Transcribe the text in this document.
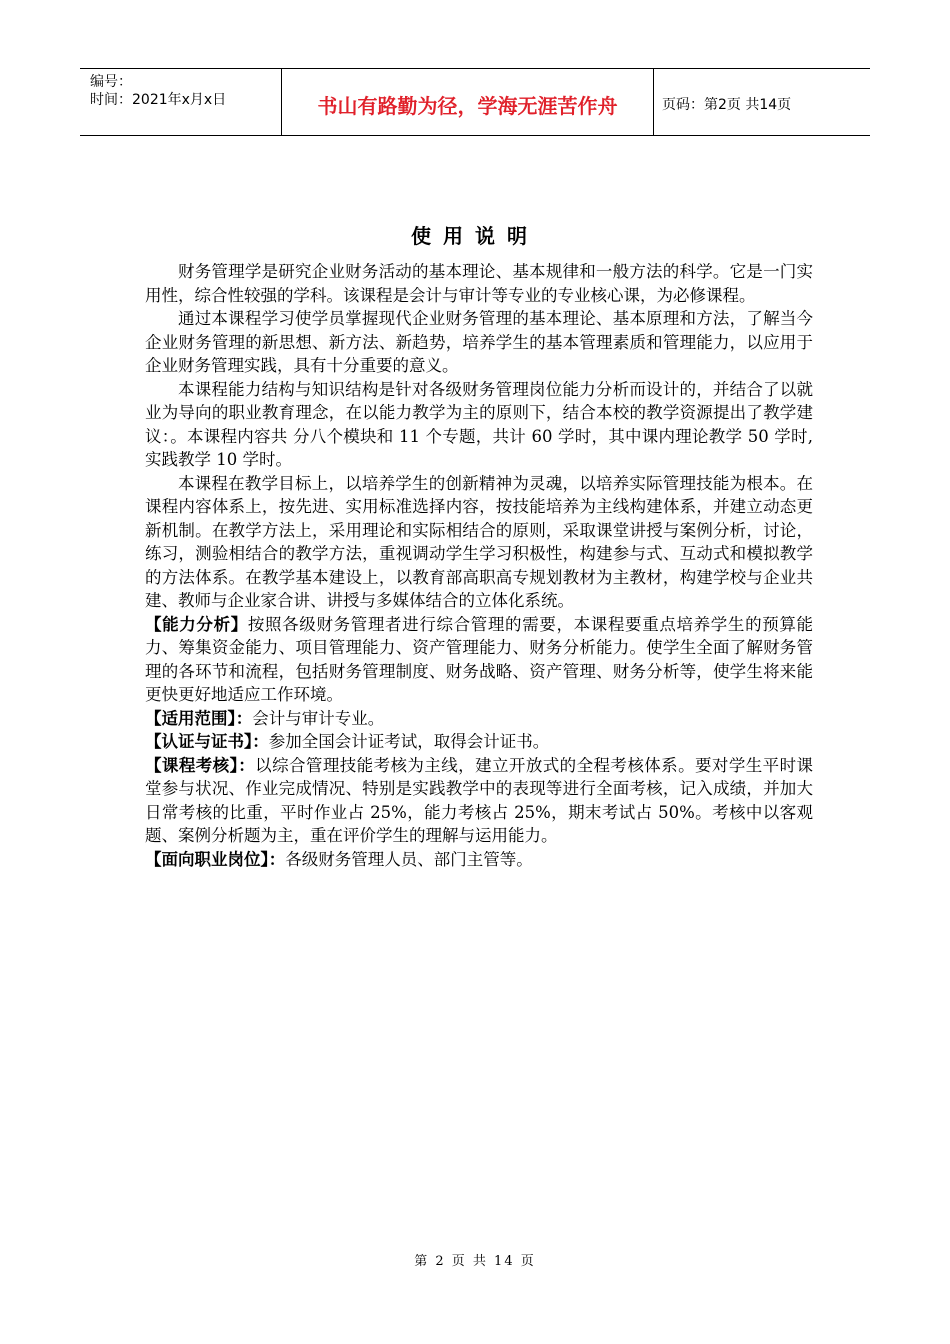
编号：
时间：2021年x月x日	书山有路勤为径，学海无涯苦作舟	页码：第2页 共14页
使用说明

财务管理学是研究企业财务活动的基本理论、基本规律和一般方法的科学。它是一门实用性，综合性较强的学科。该课程是会计与审计等专业的专业核心课，为必修课程。

通过本课程学习使学员掌握现代企业财务管理的基本理论、基本原理和方法，了解当今企业财务管理的新思想、新方法、新趋势，培养学生的基本管理素质和管理能力，以应用于企业财务管理实践，具有十分重要的意义。

本课程能力结构与知识结构是针对各级财务管理岗位能力分析而设计的，并结合了以就业为导向的职业教育理念，在以能力教学为主的原则下，结合本校的教学资源提出了教学建议：。本课程内容共 分八个模块和 11 个专题，共计 60 学时，其中课内理论教学 50 学时, 实践教学 10 学时。

本课程在教学目标上，以培养学生的创新精神为灵魂，以培养实际管理技能为根本。在课程内容体系上，按先进、实用标准选择内容，按技能培养为主线构建体系，并建立动态更新机制。在教学方法上，采用理论和实际相结合的原则，采取课堂讲授与案例分析，讨论，练习，测验相结合的教学方法，重视调动学生学习积极性，构建参与式、互动式和模拟教学的方法体系。在教学基本建设上，以教育部高职高专规划教材为主教材，构建学校与企业共建、教师与企业家合讲、讲授与多媒体结合的立体化系统。

【能力分析】按照各级财务管理者进行综合管理的需要，本课程要重点培养学生的预算能力、筹集资金能力、项目管理能力、资产管理能力、财务分析能力。使学生全面了解财务管理的各环节和流程，包括财务管理制度、财务战略、资产管理、财务分析等，使学生将来能更快更好地适应工作环境。

【适用范围】：会计与审计专业。

【认证与证书】：参加全国会计证考试，取得会计证书。

【课程考核】：以综合管理技能考核为主线，建立开放式的全程考核体系。要对学生平时课堂参与状况、作业完成情况、特别是实践教学中的表现等进行全面考核，记入成绩，并加大日常考核的比重，平时作业占 25%，能力考核占 25%，期末考试占 50%。考核中以客观题、案例分析题为主，重在评价学生的理解与运用能力。

【面向职业岗位】：各级财务管理人员、部门主管等。

第 2 页 共 14 页
